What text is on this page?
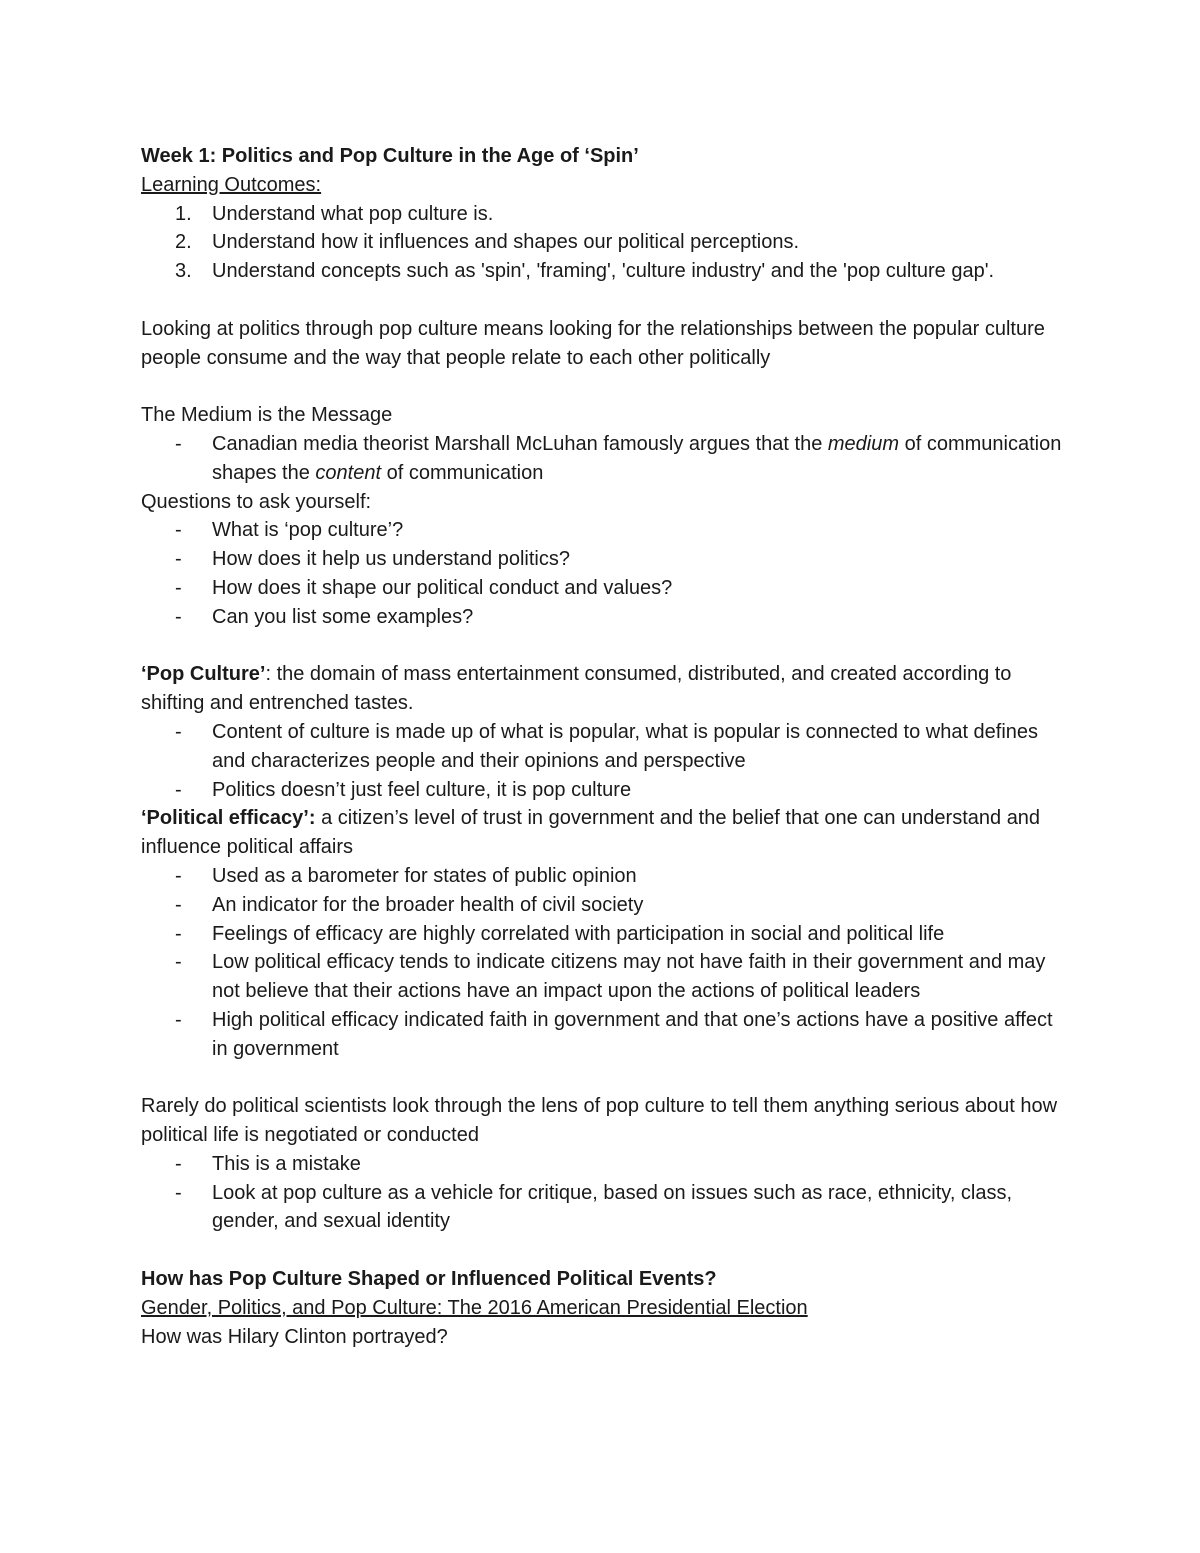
Week 1: Politics and Pop Culture in the Age of ‘Spin’

Learning Outcomes:

1. Understand what pop culture is.
2. Understand how it influences and shapes our political perceptions.
3. Understand concepts such as 'spin', 'framing', 'culture industry' and the 'pop culture gap'.

Looking at politics through pop culture means looking for the relationships between the popular culture people consume and the way that people relate to each other politically

The Medium is the Message

- Canadian media theorist Marshall McLuhan famously argues that the medium of communication shapes the content of communication

Questions to ask yourself:

- What is ‘pop culture’?
- How does it help us understand politics?
- How does it shape our political conduct and values?
- Can you list some examples?

‘Pop Culture’: the domain of mass entertainment consumed, distributed, and created according to shifting and entrenched tastes.

- Content of culture is made up of what is popular, what is popular is connected to what defines and characterizes people and their opinions and perspective
- Politics doesn’t just feel culture, it is pop culture

‘Political efficacy’: a citizen’s level of trust in government and the belief that one can understand and influence political affairs

- Used as a barometer for states of public opinion
- An indicator for the broader health of civil society
- Feelings of efficacy are highly correlated with participation in social and political life
- Low political efficacy tends to indicate citizens may not have faith in their government and may not believe that their actions have an impact upon the actions of political leaders
- High political efficacy indicated faith in government and that one’s actions have a positive affect in government

Rarely do political scientists look through the lens of pop culture to tell them anything serious about how political life is negotiated or conducted

- This is a mistake
- Look at pop culture as a vehicle for critique, based on issues such as race, ethnicity, class, gender, and sexual identity

How has Pop Culture Shaped or Influenced Political Events?

Gender, Politics, and Pop Culture: The 2016 American Presidential Election

How was Hilary Clinton portrayed?
